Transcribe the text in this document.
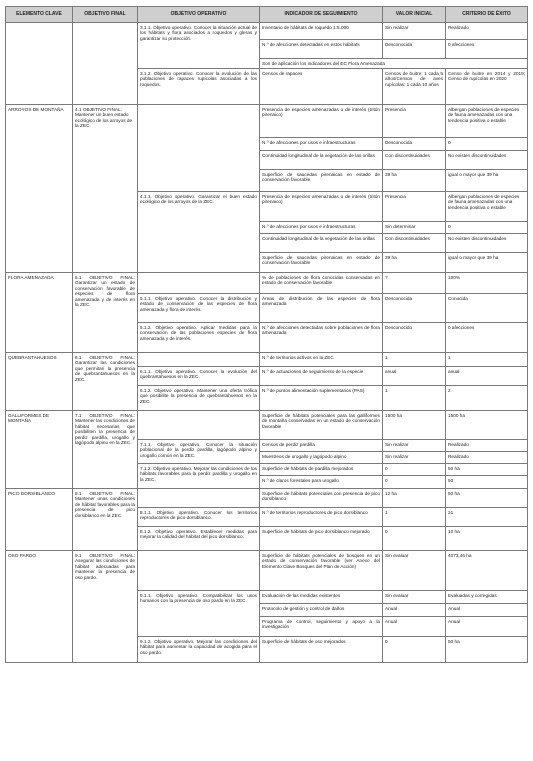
ELEMENTO CLAVE	OBJETIVO FINAL	OBJETIVO OPERATIVO	INDICADOR DE SEGUIMIENTO	VALOR INICIAL	CRITERIO DE ÉXITO
		3.1.1. Objetivo operativo. Conocer la situación actual de los hábitats y flora asociados a roquedos y gleras y garantizar su protección.	Inventario de hábitats de roquedo 1:5.000	Sin realizar	Realizado
			N.º de afecciones detectadas en estos hábitats	Desconocida	0 afecciones
			Son de aplicación los indicadores del EC Flora Amenazada		
		3.1.2. Objetivo operativo. Conocer la evolución de las poblaciones de rapaces rupícolas asociadas a los roquedos.	Censos de rapaces	Censos de buitre: 1 cada 5 años/Censos de aves rupícolas: 1 cada 10 años	Censo de buitre en 2014 y 2019; Censo de rupícolas en 2020
ARROYOS DE MONTAÑA	4.1 OBJETIVO FINAL: Mantener un buen estado ecológico de los arroyos de la ZEC.		Presencia de especies amenazadas o de interés (tritón pirenaico)	Presencia	Albergan poblaciones de especies de fauna amenazadas con una tendencia positiva o estable
			N.º de afecciones por usos e infraestructuras	Desconocida	0
			Continuidad longitudinal de la vegetación de las orillas	Con discontinuidades	No existen discontinuidades
			Superficie de saucedas pirenaicas en estado de conservación favorable	39 ha	igual o mayor que 39 ha
		4.1.1. Objetivo operativo. Garantizar el buen estado ecológico de los arroyos de la ZEC.	Presencia de especies amenazadas o de interés (tritón pirenaico)	Presencia	Albergan poblaciones de especies de fauna amenazadas con una tendencia positiva o estable
			N.º de afecciones por usos e infraestructuras	Sin determinar	0
			Continuidad longitudinal de la vegetación de las orillas	Con discontinuidades	No existen discontinuidades
			Superficie de saucedas pirenaicas en estado de conservación favorable	39 ha	igual o mayor que 39 ha
FLORA AMENAZADA	5.1 OBJETIVO FINAL: Garantizar un estado de conservación favorable de especies de flora amenazada y de interés en la ZEC.		% de poblaciones de flora conocidas conservadas en estado de conservación favorable	?	100%
		5.1.1. Objetivo operativo. Conocer la distribución y estado de conservación de las especies de flora amenazada y flora de interés.	Áreas de distribución de las especies de flora amenazada	Desconocida	Conocida
		5.1.2. Objetivo operativo. Aplicar medidas para la conservación de las poblaciones especies de flora amenazada y de interés.	N.º de afecciones detectadas sobre poblaciones de flora amenazada	Desconocido	0 afecciones
QUEBRANTAHUESOS	6.1 OBJETIVO FINAL: Garantizar las condiciones que permitan la presencia de quebrantahuesos en la ZEC.		N.º de territorios activos en la ZEC	1	1
		6.1.1. Objetivo operativo. Conocer la evolución del quebrantahuesos en la ZEC.	N.º de actuaciones de seguimiento de la especie	anual	anual
		6.1.2. Objetivo operativo. Mantener una oferta trófica que posibilite la presencia de quebrantahuesos en la ZEC.	N.º de puntos alimentación suplementarios (PAS)	1	2
GALLIFORMES DE MONTAÑA	7.1 OBJETIVO FINAL: Mantener las condiciones de hábitat necesarias que posibiliten la presencia de perdiz pardilla, urogallo y lagópodo alpino en la ZEC.		Superficie de hábitats potenciales para las galliformes de montaña conservadas en un estado de conservación favorable	1500 ha	1500 ha
		7.1.1. Objetivo operativo. Conocer la situación poblacional de la perdiz pardilla, lagópodo alpino y urogallo común en la ZEC.	Censos de perdiz pardilla	Sin realizar	Realizado
			Muestreos de urogallo y lagópodo alpino	Sin realizar	Realizado
		7.1.2. Objetivo operativo. Mejorar las condiciones de los hábitats favorables para la perdiz pardilla y urogallo en la ZEC.	Superficie de hábitats de pardilla mejorados	0	50 ha
			N.º de claros forestales para urogallo	0	50
PICO DORSIBLANCO	8.1 OBJETIVO FINAL: Mantener unas condiciones de hábitat favorables para la presencia de pico dorsiblanco en la ZEC.		Superficie de hábitats potenciales con presencia de pico dorsiblanco	12 ha	50 ha
		8.1.1. Objetivo operativo. Conocer los territorios reproductores de pico dorsiblanco.	N.º de territorios reproductores de pico dorsiblanco	1	≥1
		8.1.2. Objetivo operativo. Establecer medidas para mejorar la calidad del hábitat del pico dorsiblanco.	Superficie de hábitats de pico dorsiblanco mejorado	0	10 ha
OSO PARDO	9.1 OBJETIVO FINAL: Asegurar las condiciones de hábitat adecuadas para mantener la presencia de oso pardo.		Superficie de hábitats potenciales de bosques en un estado de conservación favorable (ver Anexo del Elemento Clave Bosques del Plan de Acción)	Sin evaluar	4073,46 ha
		9.1.1. Objetivo operativo. Compatibilizar los usos humanos con la presencia de oso pardo en la ZEC.	Evaluación de las medidas existentes	Sin evaluar	Evaluadas y corregidas
			Protocolo de gestión y control de daños	Anual	Anual
			Programa de control, seguimiento y apoyo a la investigación	Anual	Anual
		9.1.2. Objetivo operativo. Mejorar las condiciones del hábitat para aumentar la capacidad de acogida para el oso pardo.	Superficie de hábitats de oso mejorados	0	50 ha
